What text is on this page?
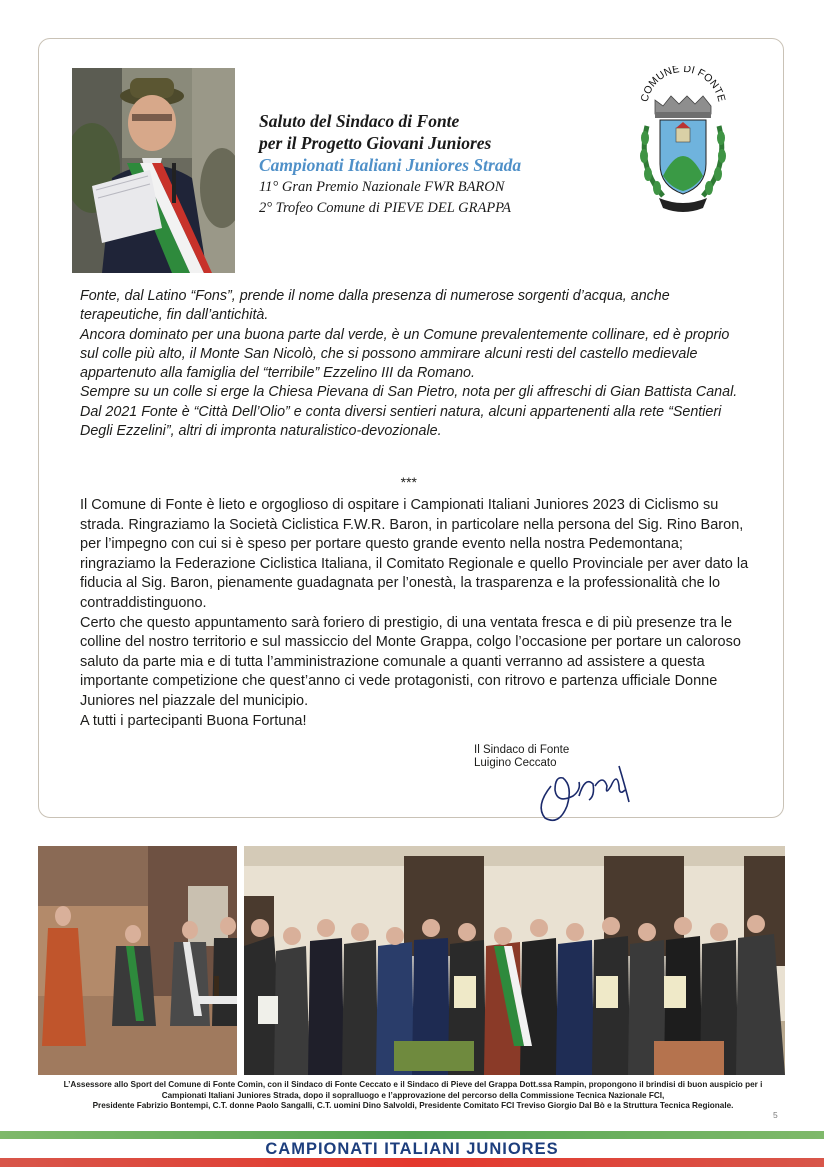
Saluto del Sindaco di Fonte
per il Progetto Giovani Juniores
Campionati Italiani Juniores Strada
11° Gran Premio Nazionale FWR BARON
2° Trofeo Comune di PIEVE DEL GRAPPA
COMUNE DI FONTE

Fonte, dal Latino “Fons”, prende il nome dalla presenza di numerose sorgenti d’acqua, anche terapeutiche, fin dall’antichità.

Ancora dominato per una buona parte dal verde, è un Comune prevalentemente collinare, ed è proprio sul colle più alto, il Monte San Nicolò, che si possono ammirare alcuni resti del castello medievale appartenuto alla famiglia del “terribile” Ezzelino III da Romano.

Sempre su un colle si erge la Chiesa Pievana di San Pietro, nota per gli affreschi di Gian Battista Canal.

Dal 2021 Fonte è “Città Dell’Olio” e conta diversi sentieri natura, alcuni appartenenti alla rete “Sentieri Degli Ezzelini”, altri di impronta naturalistico-devozionale.

***

Il Comune di Fonte è lieto e orgoglioso di ospitare i Campionati Italiani Juniores 2023 di Ciclismo su strada. Ringraziamo la Società Ciclistica F.W.R. Baron, in particolare nella persona del Sig. Rino Baron, per l’impegno con cui si è speso per portare questo grande evento nella nostra Pedemontana; ringraziamo la Federazione Ciclistica Italiana, il Comitato Regionale e quello Provinciale per aver dato la fiducia al Sig. Baron, pienamente guadagnata per l’onestà, la trasparenza e la professionalità che lo contraddistinguono.

Certo che questo appuntamento sarà foriero di prestigio, di una ventata fresca e di più presenze tra le colline del nostro territorio e sul massiccio del Monte Grappa, colgo l’occasione per portare un caloroso saluto da parte mia e di tutta l’amministrazione comunale a quanti verranno ad assistere a questa importante competizione che quest’anno ci vede protagonisti, con ritrovo e partenza ufficiale Donne Juniores nel piazzale del municipio.

A tutti i partecipanti Buona Fortuna!

Il Sindaco di Fonte
Luigino Ceccato

L’Assessore allo Sport del Comune di Fonte Comin, con il Sindaco di Fonte Ceccato e il Sindaco di Pieve del Grappa Dott.ssa Rampin, propongono il brindisi di buon auspicio per i Campionati Italiani Juniores Strada, dopo il sopralluogo e l’approvazione del percorso della Commissione Tecnica Nazionale FCI,

Presidente Fabrizio Bontempi, C.T. donne Paolo Sangalli, C.T. uomini Dino Salvoldi, Presidente Comitato FCI Treviso Giorgio Dal Bò e la Struttura Tecnica Regionale.

5
CAMPIONATI ITALIANI JUNIORES
